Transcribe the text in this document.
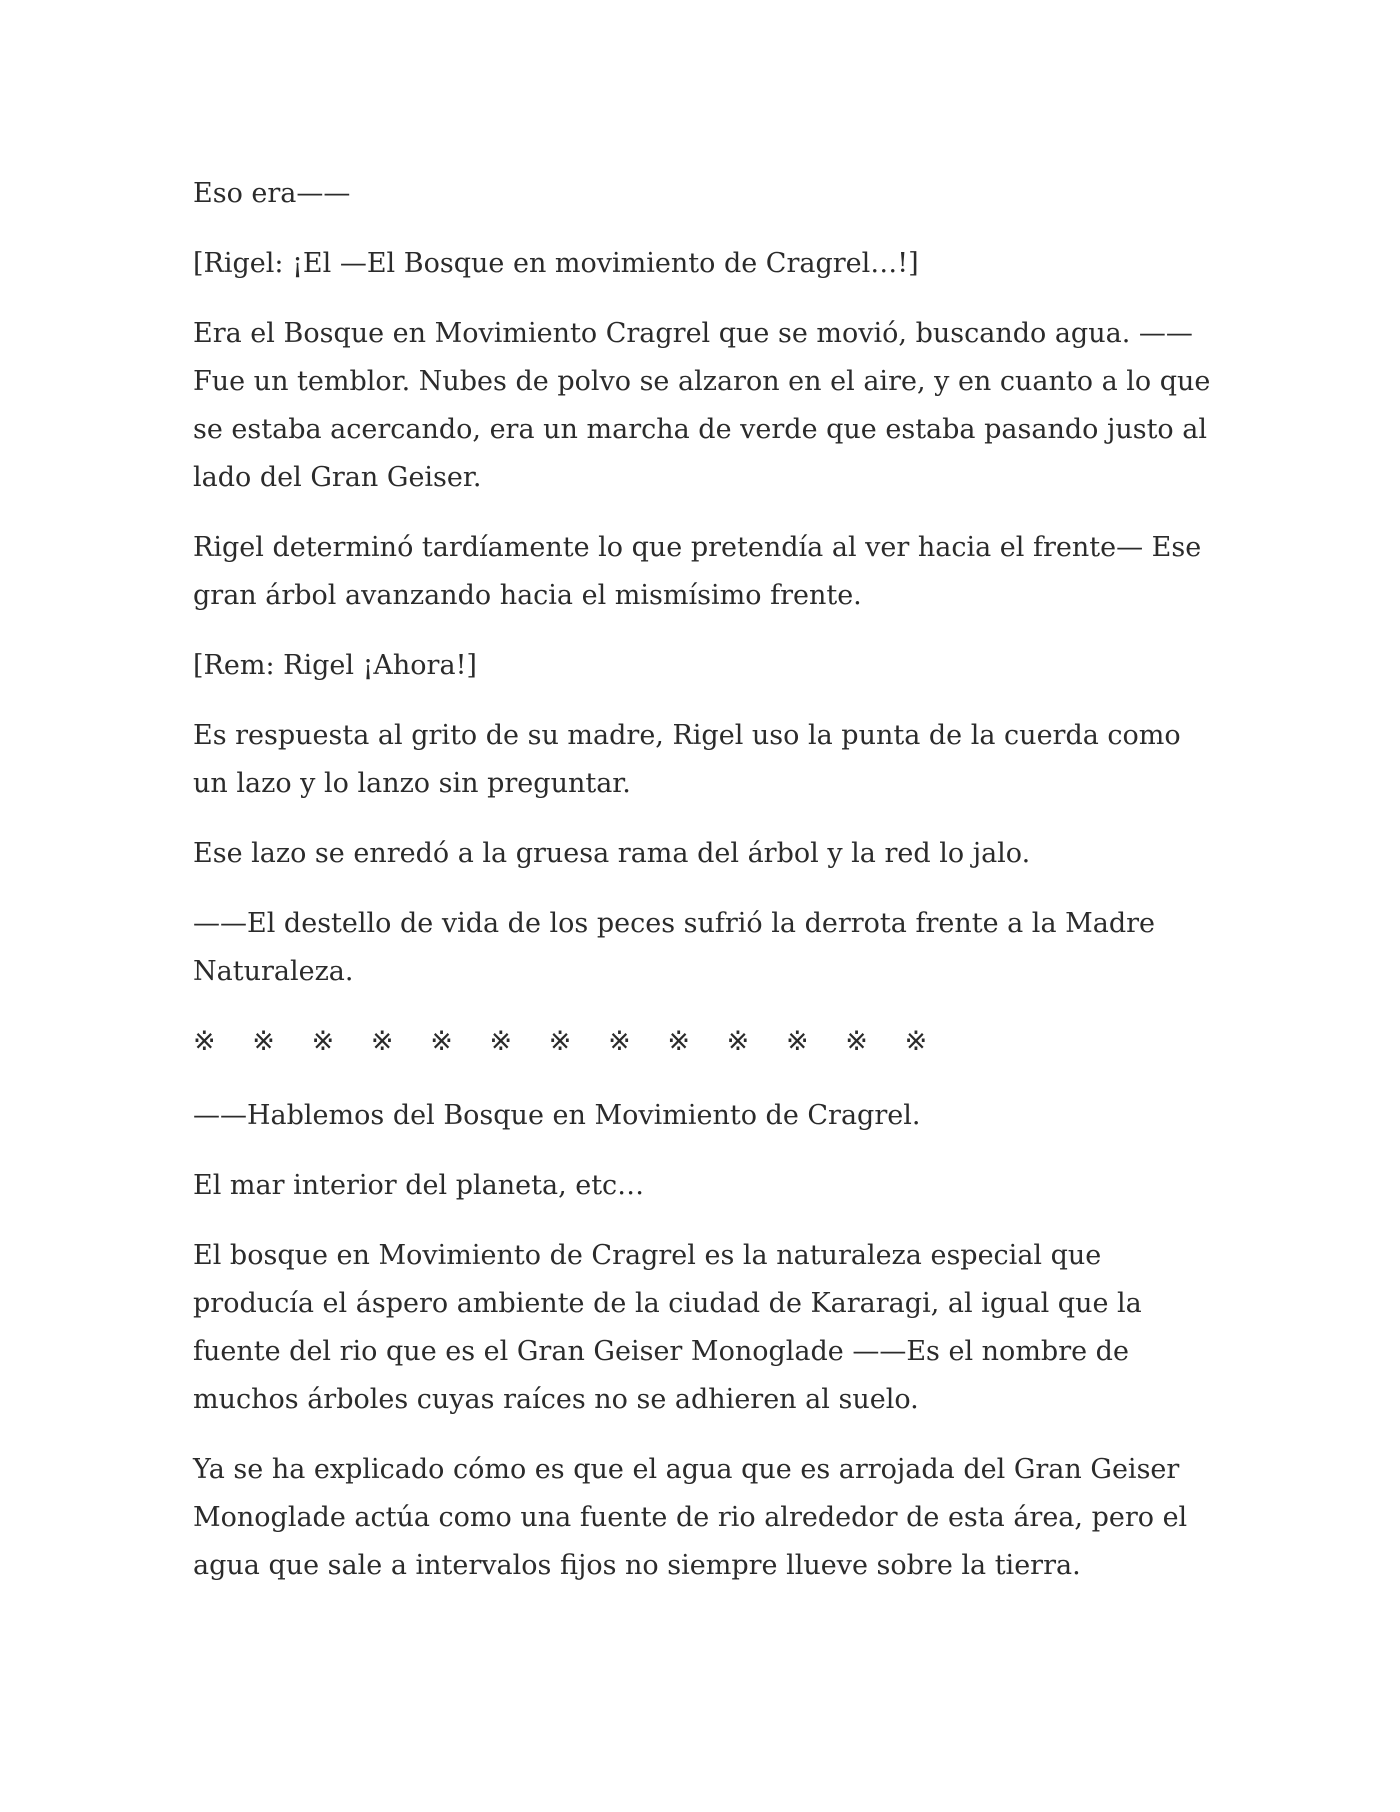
Eso era——

[Rigel: ¡El —El Bosque en movimiento de Cragrel…!]

Era el Bosque en Movimiento Cragrel que se movió, buscando agua. ——Fue un temblor. Nubes de polvo se alzaron en el aire, y en cuanto a lo que se estaba acercando, era un marcha de verde que estaba pasando justo al lado del Gran Geiser.

Rigel determinó tardíamente lo que pretendía al ver hacia el frente— Ese gran árbol avanzando hacia el mismísimo frente.

[Rem: Rigel ¡Ahora!]

Es respuesta al grito de su madre, Rigel uso la punta de la cuerda como un lazo y lo lanzo sin preguntar.

Ese lazo se enredó a la gruesa rama del árbol y la red lo jalo.

——El destello de vida de los peces sufrió la derrota frente a la Madre Naturaleza.

※	※	※	※	※	※	※	※	※	※	※	※	※

——Hablemos del Bosque en Movimiento de Cragrel.

El mar interior del planeta, etc…

El bosque en Movimiento de Cragrel es la naturaleza especial que producía el áspero ambiente de la ciudad de Kararagi, al igual que la fuente del rio que es el Gran Geiser Monoglade ——Es el nombre de muchos árboles cuyas raíces no se adhieren al suelo.

Ya se ha explicado cómo es que el agua que es arrojada del Gran Geiser Monoglade actúa como una fuente de rio alrededor de esta área, pero el agua que sale a intervalos fijos no siempre llueve sobre la tierra.
